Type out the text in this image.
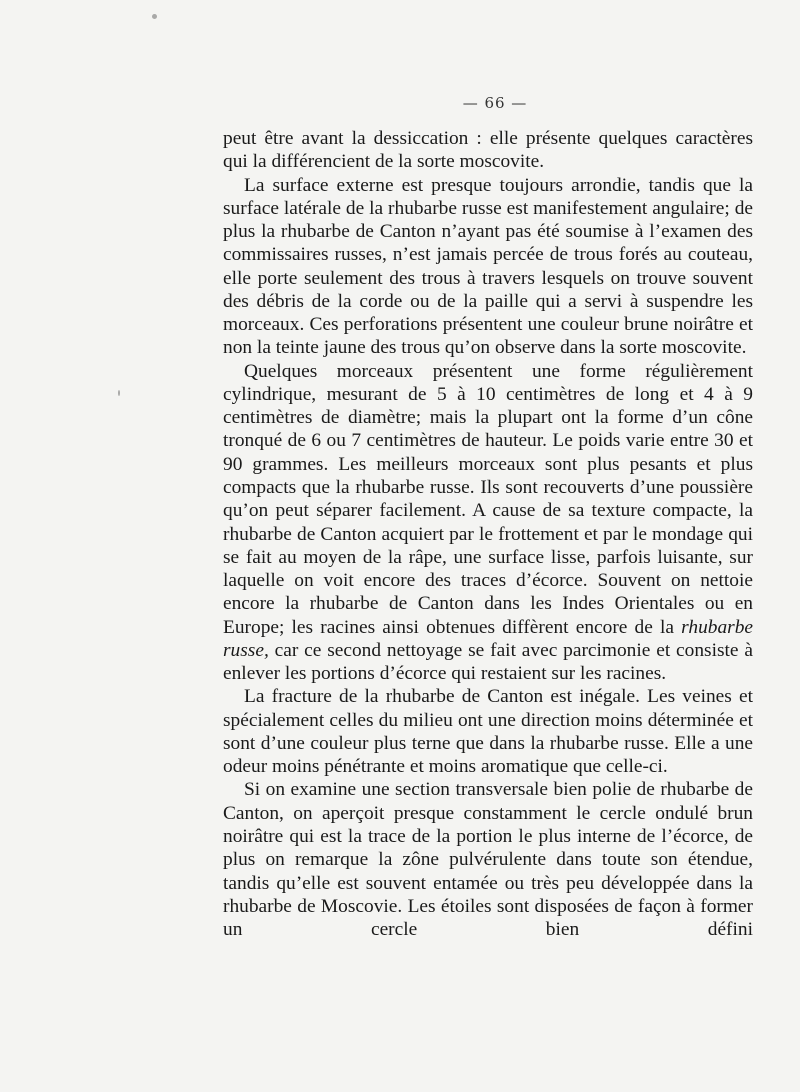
— 66 —

peut être avant la dessiccation : elle présente quelques caractères qui la différencient de la sorte moscovite.

La surface externe est presque toujours arrondie, tandis que la surface latérale de la rhubarbe russe est manifestement angulaire; de plus la rhubarbe de Canton n’ayant pas été soumise à l’examen des commissaires russes, n’est jamais percée de trous forés au couteau, elle porte seulement des trous à travers lesquels on trouve souvent des débris de la corde ou de la paille qui a servi à suspendre les morceaux. Ces perforations présentent une couleur brune noirâtre et non la teinte jaune des trous qu’on observe dans la sorte moscovite.

Quelques morceaux présentent une forme régulièrement cylindrique, mesurant de 5 à 10 centimètres de long et 4 à 9 centimètres de diamètre; mais la plupart ont la forme d’un cône tronqué de 6 ou 7 centimètres de hauteur. Le poids varie entre 30 et 90 grammes. Les meilleurs morceaux sont plus pesants et plus compacts que la rhubarbe russe. Ils sont recouverts d’une poussière qu’on peut séparer facilement. A cause de sa texture compacte, la rhubarbe de Canton acquiert par le frottement et par le mondage qui se fait au moyen de la râpe, une surface lisse, parfois luisante, sur laquelle on voit encore des traces d’écorce. Souvent on nettoie encore la rhubarbe de Canton dans les Indes Orientales ou en Europe; les racines ainsi obtenues diffèrent encore de la rhubarbe russe, car ce second nettoyage se fait avec parcimonie et consiste à enlever les portions d’écorce qui restaient sur les racines.

La fracture de la rhubarbe de Canton est inégale. Les veines et spécialement celles du milieu ont une direction moins déterminée et sont d’une couleur plus terne que dans la rhubarbe russe. Elle a une odeur moins pénétrante et moins aromatique que celle-ci.

Si on examine une section transversale bien polie de rhubarbe de Canton, on aperçoit presque constamment le cercle ondulé brun noirâtre qui est la trace de la portion le plus interne de l’écorce, de plus on remarque la zône pulvérulente dans toute son étendue, tandis qu’elle est souvent entamée ou très peu développée dans la rhubarbe de Moscovie. Les étoiles sont disposées de façon à former un cercle bien défini
